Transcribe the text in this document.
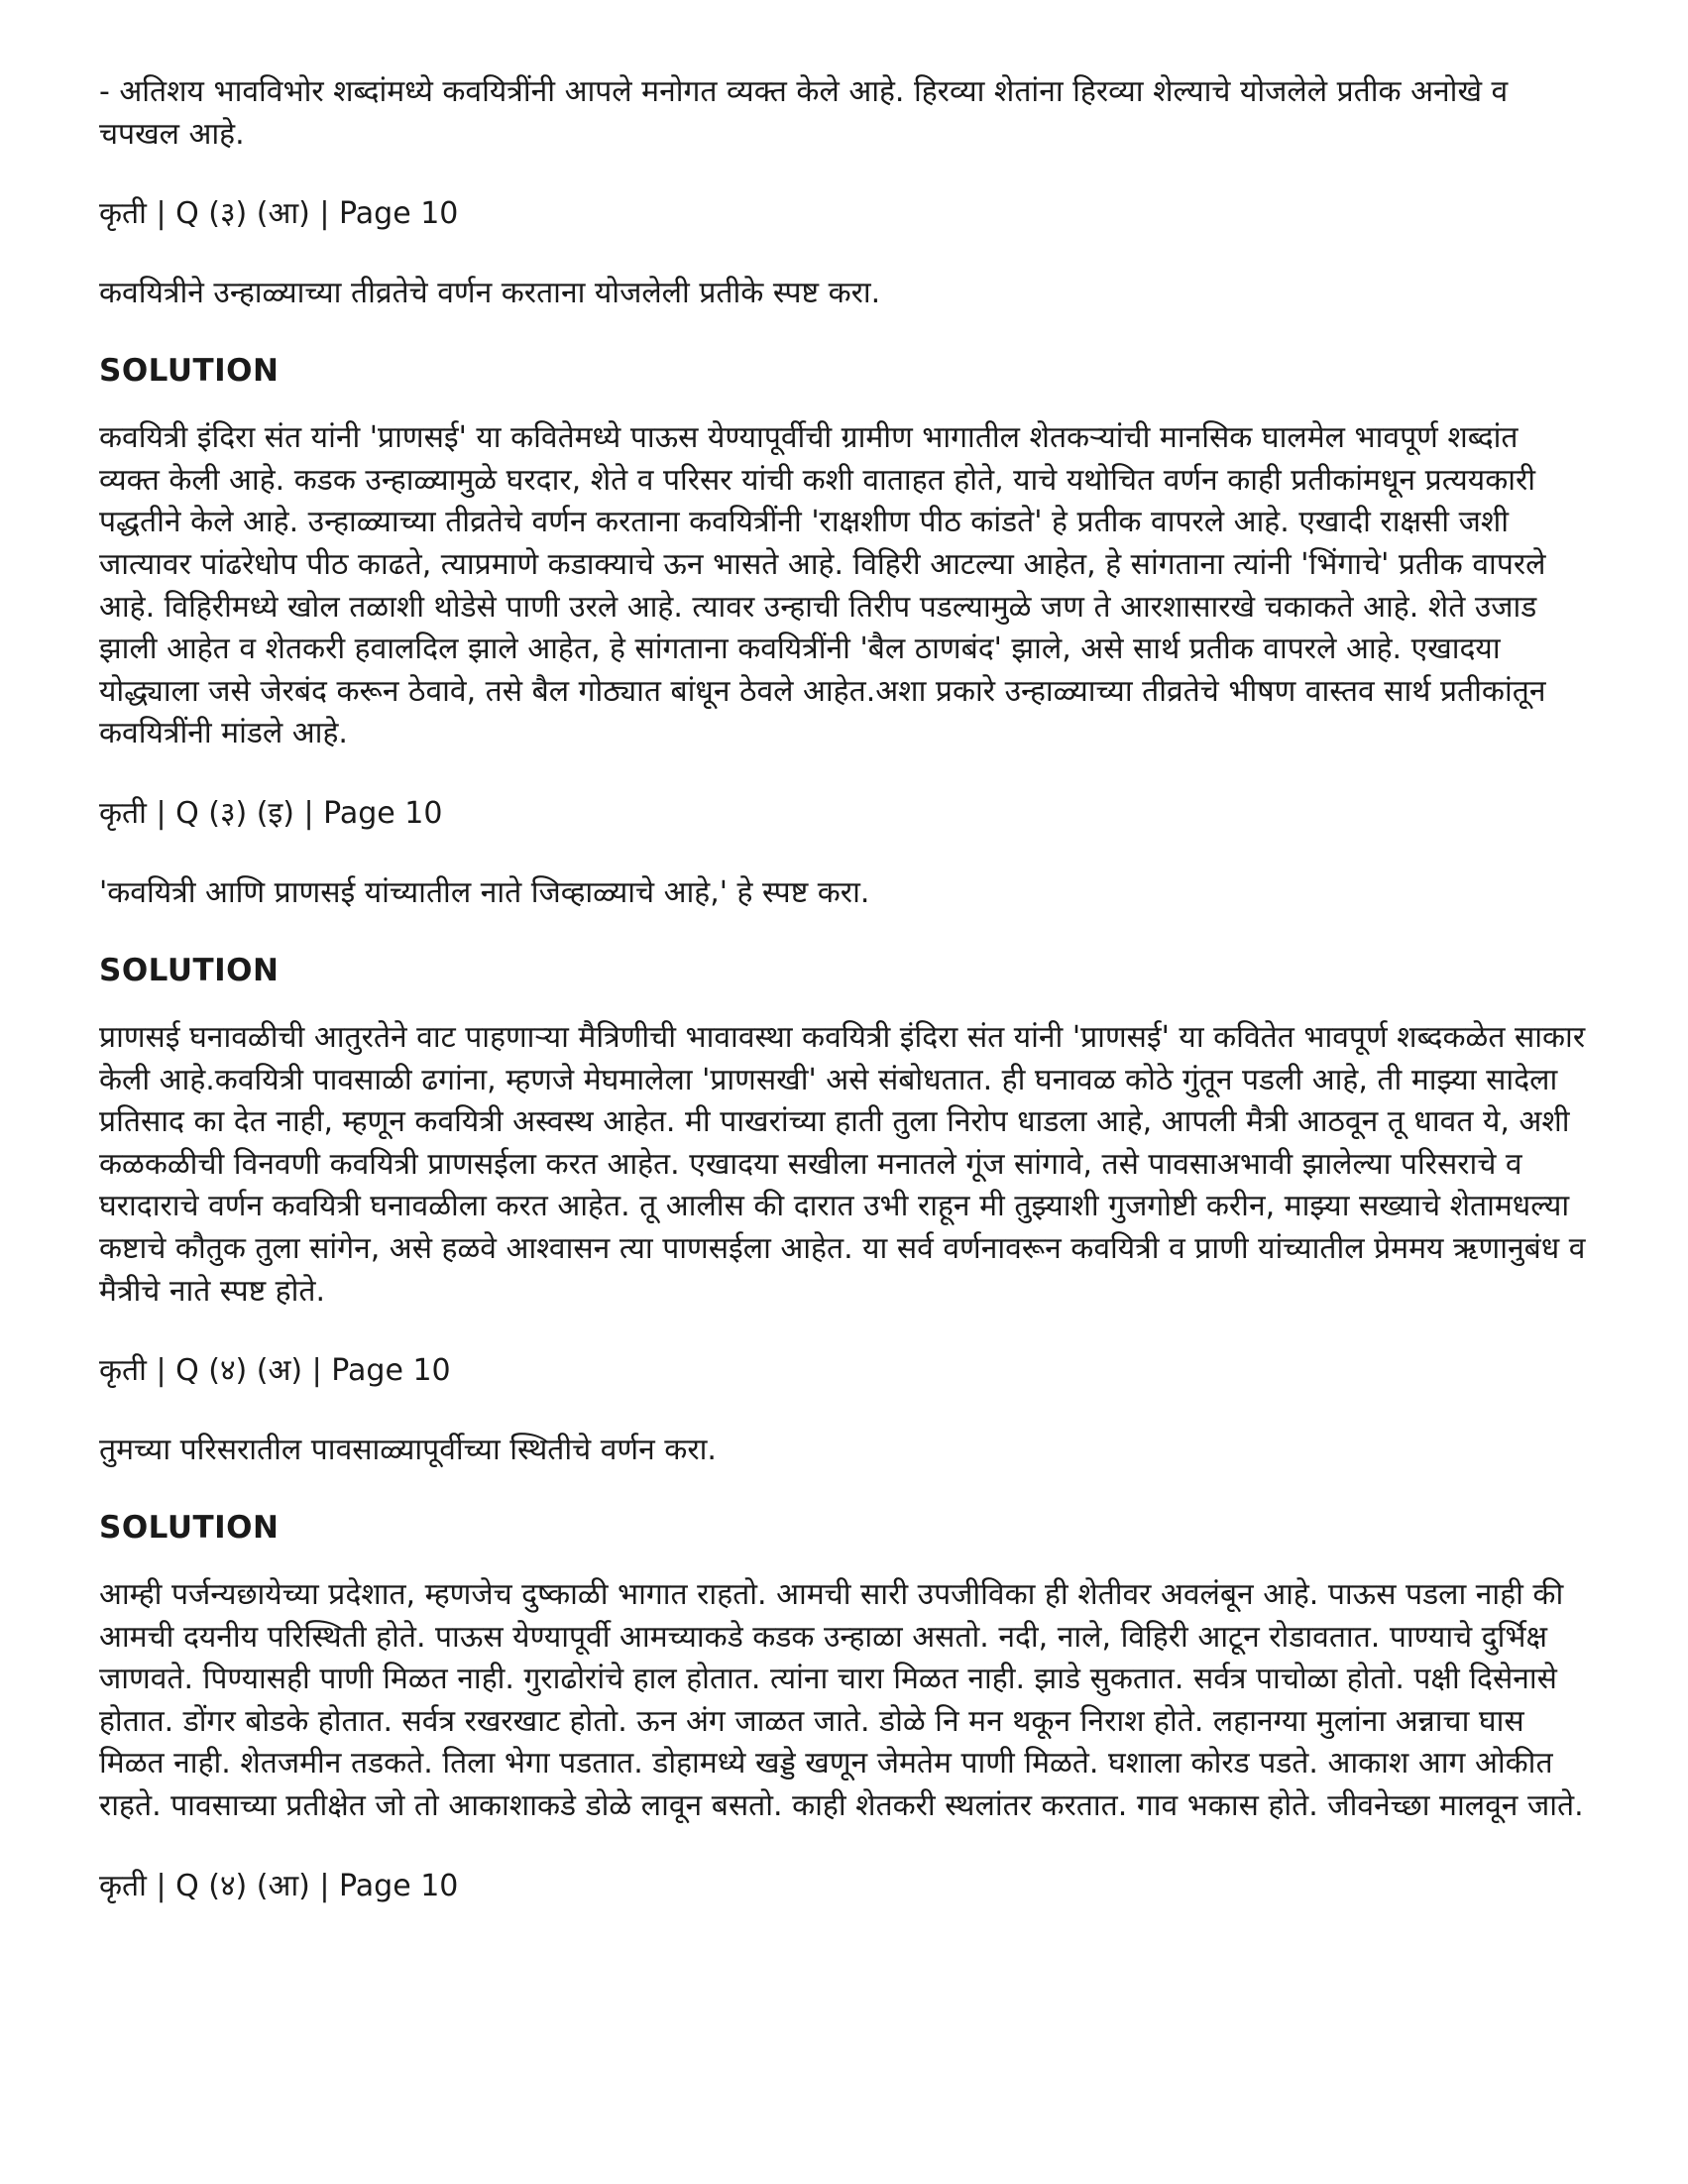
- अतिशय भावविभोर शब्दांमध्ये कवयित्रींनी आपले मनोगत व्यक्त केले आहे. हिरव्या शेतांना हिरव्या शेल्याचे योजलेले प्रतीक अनोखे व चपखल आहे.

कृती | Q (३) (आ) | Page 10

कवयित्रीने उन्हाळ्याच्या तीव्रतेचे वर्णन करताना योजलेली प्रतीके स्पष्ट करा.

SOLUTION

कवयित्री इंदिरा संत यांनी 'प्राणसई' या कवितेमध्ये पाऊस येण्यापूर्वीची ग्रामीण भागातील शेतकऱ्यांची मानसिक घालमेल भावपूर्ण शब्दांत व्यक्त केली आहे. कडक उन्हाळ्यामुळे घरदार, शेते व परिसर यांची कशी वाताहत होते, याचे यथोचित वर्णन काही प्रतीकांमधून प्रत्ययकारी पद्धतीने केले आहे. उन्हाळ्याच्या तीव्रतेचे वर्णन करताना कवयित्रींनी 'राक्षशीण पीठ कांडते' हे प्रतीक वापरले आहे. एखादी राक्षसी जशी जात्यावर पांढरेधोप पीठ काढते, त्याप्रमाणे कडाक्याचे ऊन भासते आहे. विहिरी आटल्या आहेत, हे सांगताना त्यांनी 'भिंगाचे' प्रतीक वापरले आहे. विहिरीमध्ये खोल तळाशी थोडेसे पाणी उरले आहे. त्यावर उन्हाची तिरीप पडल्यामुळे जण ते आरशासारखे चकाकते आहे. शेते उजाड झाली आहेत व शेतकरी हवालदिल झाले आहेत, हे सांगताना कवयित्रींनी 'बैल ठाणबंद' झाले, असे सार्थ प्रतीक वापरले आहे. एखादया योद्ध्याला जसे जेरबंद करून ठेवावे, तसे बैल गोठ्यात बांधून ठेवले आहेत.अशा प्रकारे उन्हाळ्याच्या तीव्रतेचे भीषण वास्तव सार्थ प्रतीकांतून कवयित्रींनी मांडले आहे.

कृती | Q (३) (इ) | Page 10

'कवयित्री आणि प्राणसई यांच्यातील नाते जिव्हाळ्याचे आहे,' हे स्पष्ट करा.

SOLUTION

प्राणसई घनावळीची आतुरतेने वाट पाहणाऱ्या मैत्रिणीची भावावस्था कवयित्री इंदिरा संत यांनी 'प्राणसई' या कवितेत भावपूर्ण शब्दकळेत साकार केली आहे.कवयित्री पावसाळी ढगांना, म्हणजे मेघमालेला 'प्राणसखी' असे संबोधतात. ही घनावळ कोठे गुंतून पडली आहे, ती माझ्या सादेला प्रतिसाद का देत नाही, म्हणून कवयित्री अस्वस्थ आहेत. मी पाखरांच्या हाती तुला निरोप धाडला आहे, आपली मैत्री आठवून तू धावत ये, अशी कळकळीची विनवणी कवयित्री प्राणसईला करत आहेत. एखादया सखीला मनातले गूंज सांगावे, तसे पावसाअभावी झालेल्या परिसराचे व घरादाराचे वर्णन कवयित्री घनावळीला करत आहेत. तू आलीस की दारात उभी राहून मी तुझ्याशी गुजगोष्टी करीन, माझ्या सख्याचे शेतामधल्या कष्टाचे कौतुक तुला सांगेन, असे हळवे आश्वासन त्या पाणसईला आहेत. या सर्व वर्णनावरून कवयित्री व प्राणी यांच्यातील प्रेममय ऋणानुबंध व मैत्रीचे नाते स्पष्ट होते.

कृती | Q (४) (अ) | Page 10

तुमच्या परिसरातील पावसाळ्यापूर्वीच्या स्थितीचे वर्णन करा.

SOLUTION

आम्ही पर्जन्यछायेच्या प्रदेशात, म्हणजेच दुष्काळी भागात राहतो. आमची सारी उपजीविका ही शेतीवर अवलंबून आहे. पाऊस पडला नाही की आमची दयनीय परिस्थिती होते. पाऊस येण्यापूर्वी आमच्याकडे कडक उन्हाळा असतो. नदी, नाले, विहिरी आटून रोडावतात. पाण्याचे दुर्भिक्ष जाणवते. पिण्यासही पाणी मिळत नाही. गुराढोरांचे हाल होतात. त्यांना चारा मिळत नाही. झाडे सुकतात. सर्वत्र पाचोळा होतो. पक्षी दिसेनासे होतात. डोंगर बोडके होतात. सर्वत्र रखरखाट होतो. ऊन अंग जाळत जाते. डोळे नि मन थकून निराश होते. लहानग्या मुलांना अन्नाचा घास मिळत नाही. शेतजमीन तडकते. तिला भेगा पडतात. डोहामध्ये खड्डे खणून जेमतेम पाणी मिळते. घशाला कोरड पडते. आकाश आग ओकीत राहते. पावसाच्या प्रतीक्षेत जो तो आकाशाकडे डोळे लावून बसतो. काही शेतकरी स्थलांतर करतात. गाव भकास होते. जीवनेच्छा मालवून जाते.

कृती | Q (४) (आ) | Page 10
